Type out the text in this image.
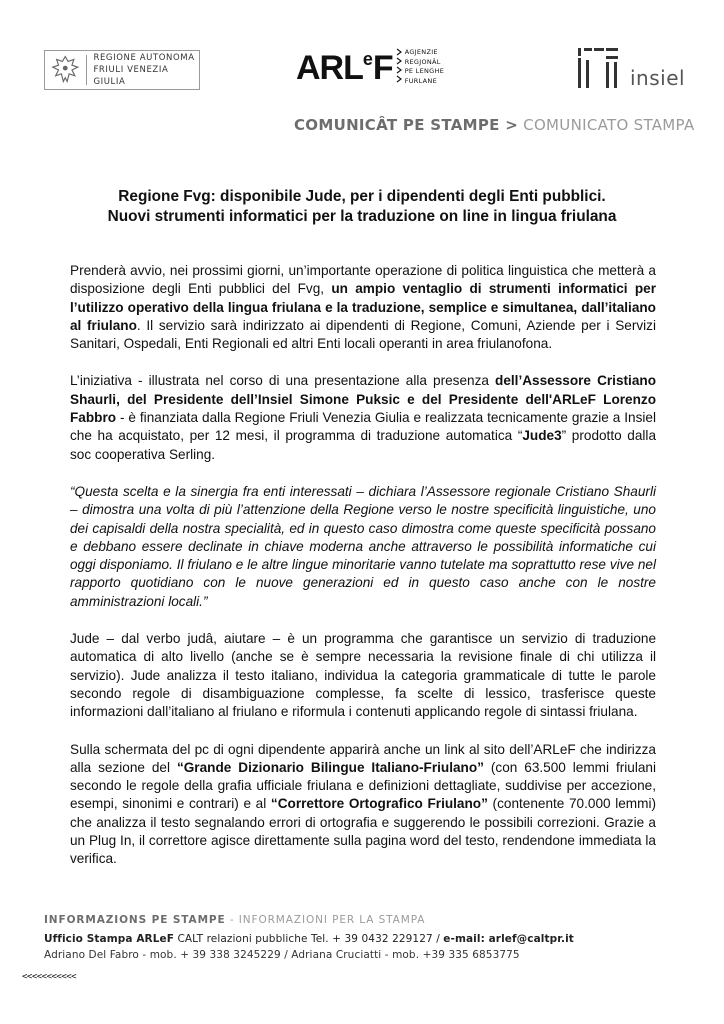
REGIONE AUTONOMA
FRIULI VENEZIA GIULIA	ARL e F AGJENZIE
REGJONÂL
PE LENGHE
FURLANE	insiel
COMUNICÂT PE STAMPE > COMUNICATO STAMPA
Regione Fvg: disponibile Jude, per i dipendenti degli Enti pubblici.
Nuovi strumenti informatici per la traduzione on line in lingua friulana

Prenderà avvio, nei prossimi giorni, un’importante operazione di politica linguistica che metterà a disposizione degli Enti pubblici del Fvg, un ampio ventaglio di strumenti informatici per l’utilizzo operativo della lingua friulana e la traduzione, semplice e simultanea, dall’italiano al friulano. Il servizio sarà indirizzato ai dipendenti di Regione, Comuni, Aziende per i Servizi Sanitari, Ospedali, Enti Regionali ed altri Enti locali operanti in area friulanofona.

L’iniziativa - illustrata nel corso di una presentazione alla presenza dell’Assessore Cristiano Shaurli, del Presidente dell’Insiel Simone Puksic e del Presidente dell'ARLeF Lorenzo Fabbro - è finanziata dalla Regione Friuli Venezia Giulia e realizzata tecnicamente grazie a Insiel che ha acquistato, per 12 mesi, il programma di traduzione automatica “Jude3” prodotto dalla soc cooperativa Serling.

“Questa scelta e la sinergia fra enti interessati – dichiara l’Assessore regionale Cristiano Shaurli – dimostra una volta di più l’attenzione della Regione verso le nostre specificità linguistiche, uno dei capisaldi della nostra specialità, ed in questo caso dimostra come queste specificità possano e debbano essere declinate in chiave moderna anche attraverso le possibilità informatiche cui oggi disponiamo. Il friulano e le altre lingue minoritarie vanno tutelate ma soprattutto rese vive nel rapporto quotidiano con le nuove generazioni ed in questo caso anche con le nostre amministrazioni locali.”

Jude – dal verbo judâ, aiutare – è un programma che garantisce un servizio di traduzione automatica di alto livello (anche se è sempre necessaria la revisione finale di chi utilizza il servizio). Jude analizza il testo italiano, individua la categoria grammaticale di tutte le parole secondo regole di disambiguazione complesse, fa scelte di lessico, trasferisce queste informazioni dall’italiano al friulano e riformula i contenuti applicando regole di sintassi friulana.

Sulla schermata del pc di ogni dipendente apparirà anche un link al sito dell’ARLeF che indirizza alla sezione del “Grande Dizionario Bilingue Italiano-Friulano” (con 63.500 lemmi friulani secondo le regole della grafia ufficiale friulana e definizioni dettagliate, suddivise per accezione, esempi, sinonimi e contrari) e al “Correttore Ortografico Friulano” (contenente 70.000 lemmi) che analizza il testo segnalando errori di ortografia e suggerendo le possibili correzioni. Grazie a un Plug In, il correttore agisce direttamente sulla pagina word del testo, rendendone immediata la verifica.

INFORMAZIONS PE STAMPE - INFORMAZIONI PER LA STAMPA
Ufficio Stampa ARLeF CALT relazioni pubbliche Tel. + 39 0432 229127 / e-mail: arlef@caltpr.it
Adriano Del Fabro - mob. + 39 338 3245229 / Adriana Cruciatti - mob. +39 335 6853775
<<<<<<<<<<<
